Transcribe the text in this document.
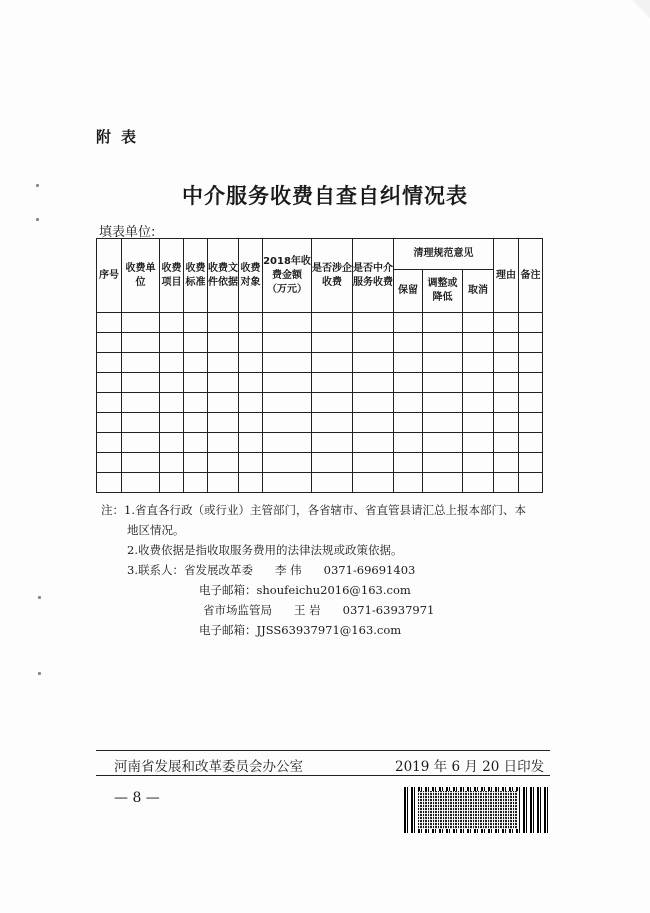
附表
中介服务收费自查自纠情况表
填表单位:
序号	收费单位	收费项目	收费标准	收费文件依据	收费对象	2018年收费金额（万元）	是否涉企收费	是否中介服务收费	清理规范意见			理由	备注
									保留	调整或降低	取消		

注：1.省直各行政（或行业）主管部门，各省辖市、省直管县请汇总上报本部门、本
地区情况。
2.收费依据是指收取服务费用的法律法规或政策依据。
3.联系人：省发展改革委 李 伟 0371-69691403
电子邮箱：shoufeichu2016@163.com
省市场监管局 王 岩 0371-63937971
电子邮箱：JJSS63937971@163.com
河南省发展和改革委员会办公室	2019 年 6 月 20 日印发
— 8 —
